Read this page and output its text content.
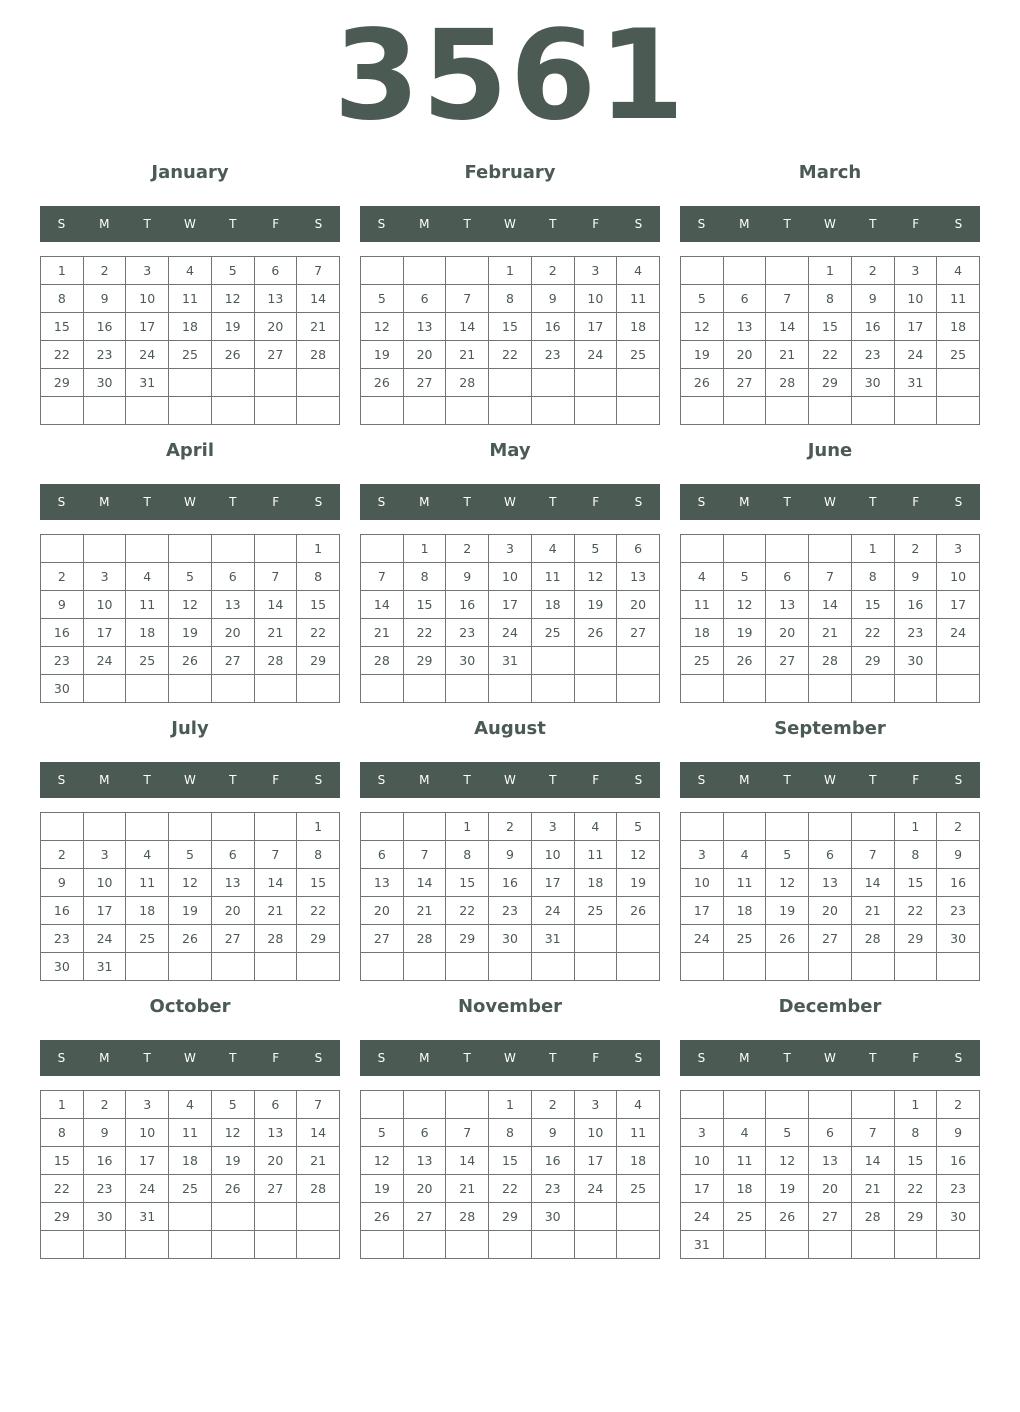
3561
January
S	M	T	W	T	F	S
1	2	3	4	5	6	7
8	9	10	11	12	13	14
15	16	17	18	19	20	21
22	23	24	25	26	27	28
29	30	31				

February
S	M	T	W	T	F	S
			1	2	3	4
5	6	7	8	9	10	11
12	13	14	15	16	17	18
19	20	21	22	23	24	25
26	27	28				

March
S	M	T	W	T	F	S
			1	2	3	4
5	6	7	8	9	10	11
12	13	14	15	16	17	18
19	20	21	22	23	24	25
26	27	28	29	30	31	

April
S	M	T	W	T	F	S
						1
2	3	4	5	6	7	8
9	10	11	12	13	14	15
16	17	18	19	20	21	22
23	24	25	26	27	28	29
30						
May
S	M	T	W	T	F	S
	1	2	3	4	5	6
7	8	9	10	11	12	13
14	15	16	17	18	19	20
21	22	23	24	25	26	27
28	29	30	31			

June
S	M	T	W	T	F	S
				1	2	3
4	5	6	7	8	9	10
11	12	13	14	15	16	17
18	19	20	21	22	23	24
25	26	27	28	29	30	

July
S	M	T	W	T	F	S
						1
2	3	4	5	6	7	8
9	10	11	12	13	14	15
16	17	18	19	20	21	22
23	24	25	26	27	28	29
30	31					
August
S	M	T	W	T	F	S
		1	2	3	4	5
6	7	8	9	10	11	12
13	14	15	16	17	18	19
20	21	22	23	24	25	26
27	28	29	30	31		

September
S	M	T	W	T	F	S
					1	2
3	4	5	6	7	8	9
10	11	12	13	14	15	16
17	18	19	20	21	22	23
24	25	26	27	28	29	30

October
S	M	T	W	T	F	S
1	2	3	4	5	6	7
8	9	10	11	12	13	14
15	16	17	18	19	20	21
22	23	24	25	26	27	28
29	30	31				

November
S	M	T	W	T	F	S
			1	2	3	4
5	6	7	8	9	10	11
12	13	14	15	16	17	18
19	20	21	22	23	24	25
26	27	28	29	30		

December
S	M	T	W	T	F	S
					1	2
3	4	5	6	7	8	9
10	11	12	13	14	15	16
17	18	19	20	21	22	23
24	25	26	27	28	29	30
31						
